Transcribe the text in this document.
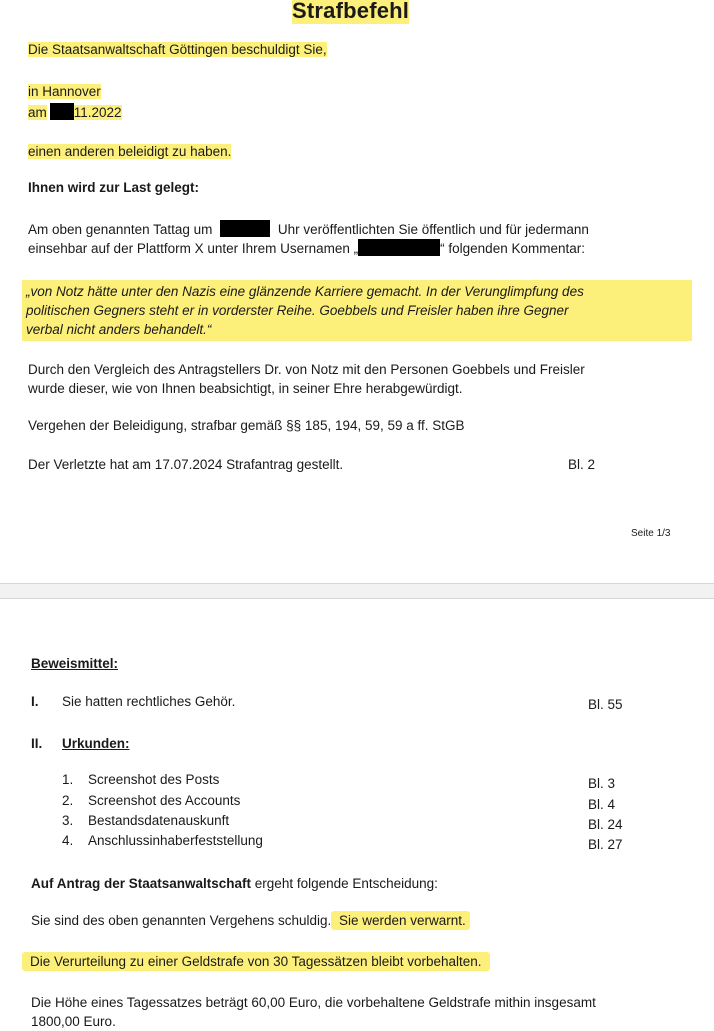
Strafbefehl
Die Staatsanwaltschaft Göttingen beschuldigt Sie,
in Hannover
am 11.2022
einen anderen beleidigt zu haben.
Ihnen wird zur Last gelegt:
Am oben genannten Tattag um	Uhr veröffentlichten Sie öffentlich und für jedermann
einsehbar auf der Plattform X unter Ihrem Usernamen „	“ folgenden Kommentar:
„von Notz hätte unter den Nazis eine glänzende Karriere gemacht. In der Verunglimpfung des
politischen Gegners steht er in vorderster Reihe. Goebbels und Freisler haben ihre Gegner
verbal nicht anders behandelt.“
Durch den Vergleich des Antragstellers Dr. von Notz mit den Personen Goebbels und Freisler
wurde dieser, wie von Ihnen beabsichtigt, in seiner Ehre herabgewürdigt.
Vergehen der Beleidigung, strafbar gemäß §§ 185, 194, 59, 59 a ff. StGB
Der Verletzte hat am 17.07.2024 Strafantrag gestellt.	Bl. 2
Seite 1/3
Beweismittel:
I. Sie hatten rechtliches Gehör.	Bl. 55
II. Urkunden:
1. Screenshot des Posts	Bl. 3
2. Screenshot des Accounts	Bl. 4
3. Bestandsdatenauskunft	Bl. 24
4. Anschlussinhaberfeststellung	Bl. 27
Auf Antrag der Staatsanwaltschaft ergeht folgende Entscheidung:
Sie sind des oben genannten Vergehens schuldig. Sie werden verwarnt.
Die Verurteilung zu einer Geldstrafe von 30 Tagessätzen bleibt vorbehalten.
Die Höhe eines Tagessatzes beträgt 60,00 Euro, die vorbehaltene Geldstrafe mithin insgesamt
1800,00 Euro.
